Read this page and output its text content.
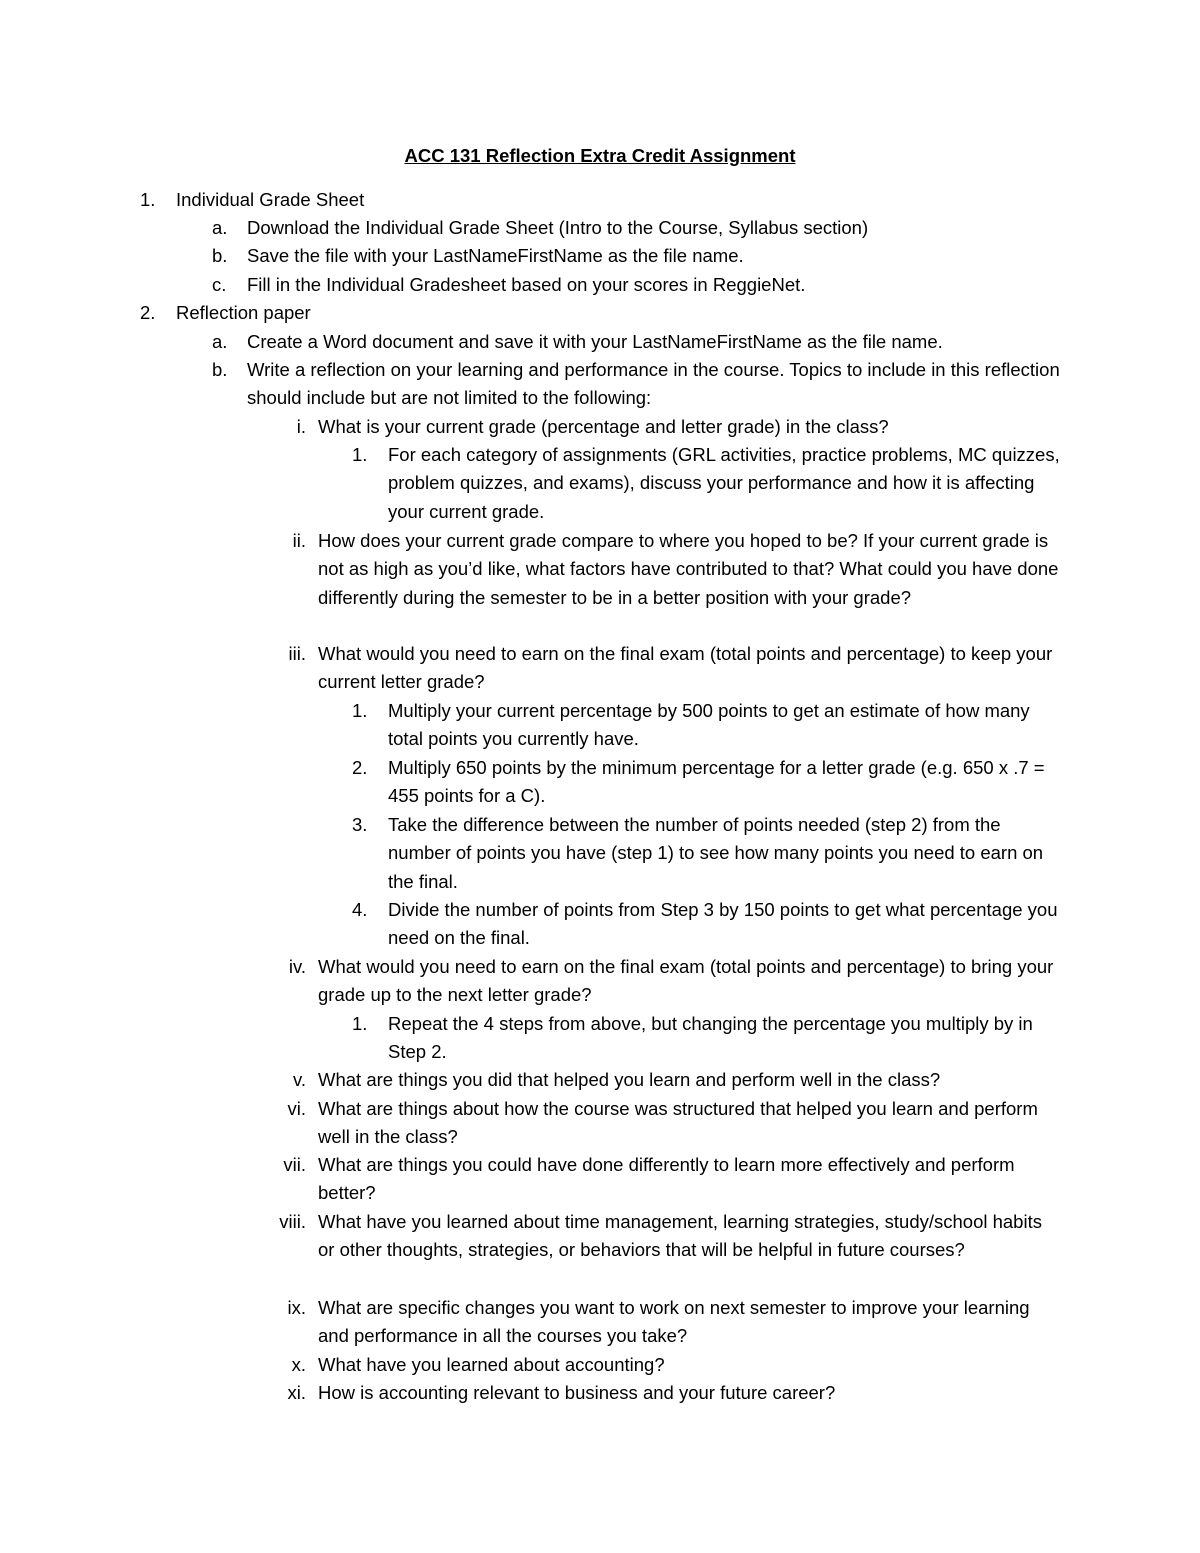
ACC 131 Reflection Extra Credit Assignment
1. Individual Grade Sheet
a. Download the Individual Grade Sheet (Intro to the Course, Syllabus section)
b. Save the file with your LastNameFirstName as the file name.
c. Fill in the Individual Gradesheet based on your scores in ReggieNet.
2. Reflection paper
a. Create a Word document and save it with your LastNameFirstName as the file name.
b. Write a reflection on your learning and performance in the course. Topics to include in this reflection should include but are not limited to the following:
i. What is your current grade (percentage and letter grade) in the class?
1. For each category of assignments (GRL activities, practice problems, MC quizzes, problem quizzes, and exams), discuss your performance and how it is affecting your current grade.
ii. How does your current grade compare to where you hoped to be? If your current grade is not as high as you’d like, what factors have contributed to that? What could you have done differently during the semester to be in a better position with your grade?
iii. What would you need to earn on the final exam (total points and percentage) to keep your current letter grade?
1. Multiply your current percentage by 500 points to get an estimate of how many total points you currently have.
2. Multiply 650 points by the minimum percentage for a letter grade (e.g. 650 x .7 = 455 points for a C).
3. Take the difference between the number of points needed (step 2) from the number of points you have (step 1) to see how many points you need to earn on the final.
4. Divide the number of points from Step 3 by 150 points to get what percentage you need on the final.
iv. What would you need to earn on the final exam (total points and percentage) to bring your grade up to the next letter grade?
1. Repeat the 4 steps from above, but changing the percentage you multiply by in Step 2.
v. What are things you did that helped you learn and perform well in the class?
vi. What are things about how the course was structured that helped you learn and perform well in the class?
vii. What are things you could have done differently to learn more effectively and perform better?
viii. What have you learned about time management, learning strategies, study/school habits or other thoughts, strategies, or behaviors that will be helpful in future courses?
ix. What are specific changes you want to work on next semester to improve your learning and performance in all the courses you take?
x. What have you learned about accounting?
xi. How is accounting relevant to business and your future career?
